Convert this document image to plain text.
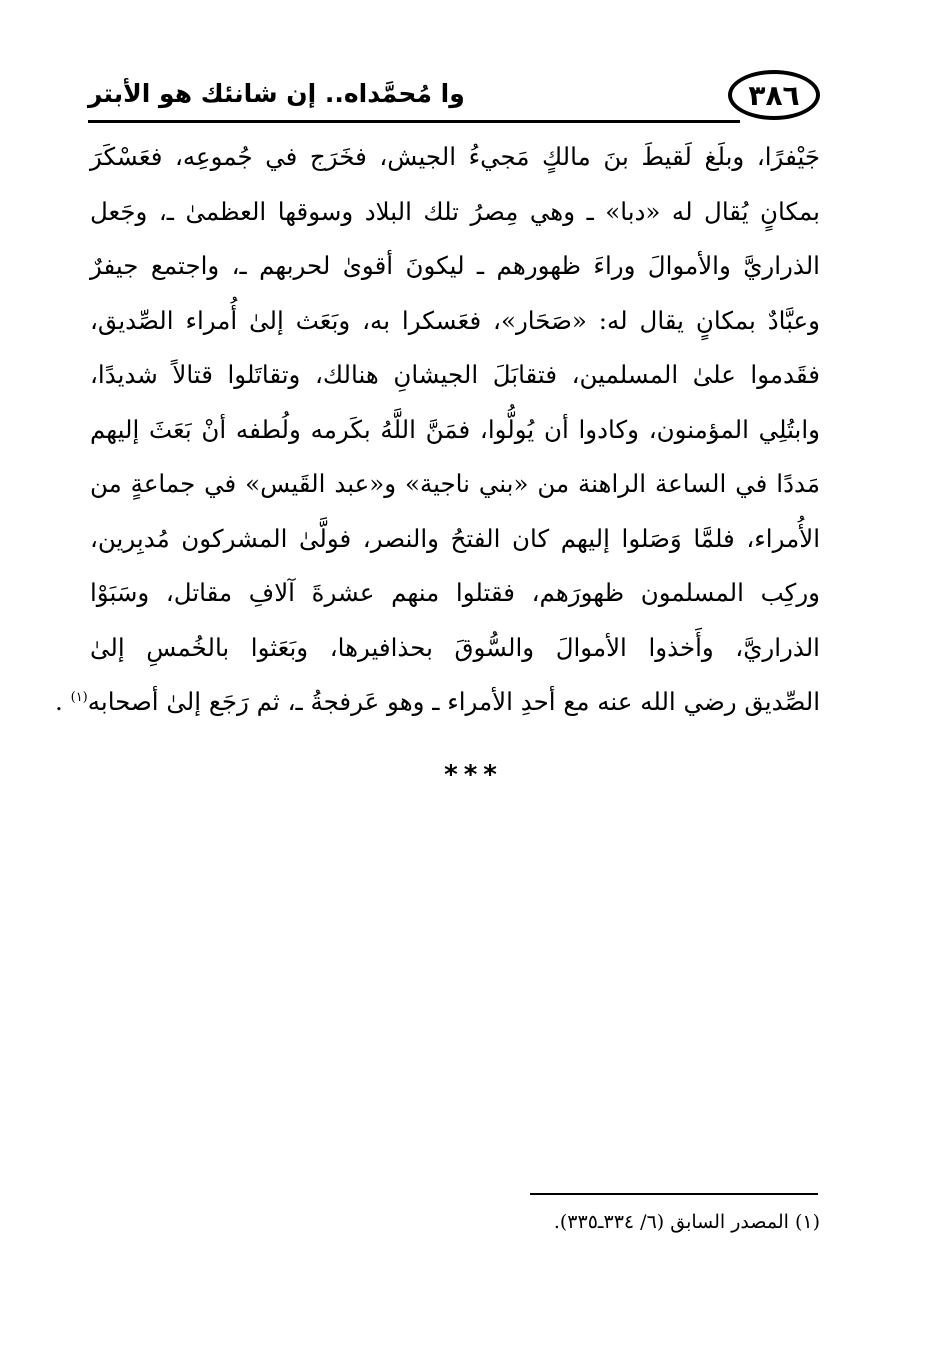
٣٨٦
وا مُحمَّداه.. إن شانئك هو الأبتر
جَيْفرًا، وبلَغ لَقيطَ بنَ مالكٍ مَجيءُ الجيش، فخَرَج في جُموعِه، فعَسْكَرَ
بمكانٍ يُقال له «دبا» ـ وهي مِصرُ تلك البلاد وسوقها العظمىٰ ـ، وجَعل
الذراريَّ والأموالَ وراءَ ظهورهم ـ ليكونَ أقوىٰ لحربهم ـ، واجتمع جيفرٌ
وعبَّادٌ بمكانٍ يقال له: «صَحَار»، فعَسكرا به، وبَعَث إلىٰ أُمراء الصِّديق،
فقَدموا علىٰ المسلمين، فتقابَلَ الجيشانِ هنالك، وتقاتَلوا قتالاً شديدًا،
وابتُلِي المؤمنون، وكادوا أن يُولُّوا، فمَنَّ اللَّهُ بكَرمه ولُطفه أنْ بَعَثَ إليهم
مَددًا في الساعة الراهنة من «بني ناجية» و«عبد القَيس» في جماعةٍ من
الأُمراء، فلمَّا وَصَلوا إليهم كان الفتحُ والنصر، فولَّىٰ المشركون مُدبِرين،
وركِب المسلمون ظهورَهم، فقتلوا منهم عشرةَ آلافِ مقاتل، وسَبَوْا
الذراريَّ، وأَخذوا الأموالَ والسُّوقَ بحذافيرها، وبَعَثوا بالخُمسِ إلىٰ
الصِّديق رضي الله عنه مع أحدِ الأمراء ـ وهو عَرفجةُ ـ، ثم رَجَع إلىٰ أصحابه$^{(١)}$ .
***
(١) المصدر السابق (٦/ ٣٣٤ـ٣٣٥).
